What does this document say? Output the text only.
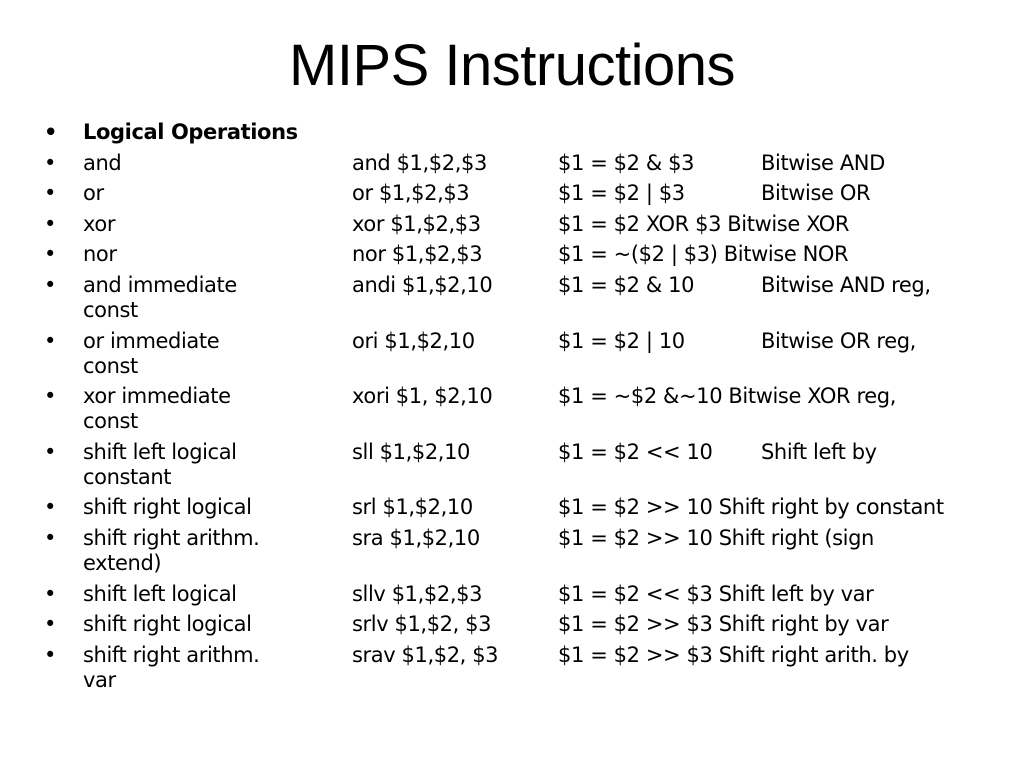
MIPS Instructions
• Logical Operations
• and	and $1,$2,$3	$1 = $2 & $3	Bitwise AND
• or	or $1,$2,$3	$1 = $2 | $3	Bitwise OR
• xor	xor $1,$2,$3	$1 = $2 XOR $3 Bitwise XOR
• nor	nor $1,$2,$3	$1 = ~($2 | $3) Bitwise NOR
• and immediate	andi $1,$2,10	$1 = $2 & 10	Bitwise AND reg,
const
• or immediate	ori $1,$2,10	$1 = $2 | 10	Bitwise OR reg,
const
• xor immediate	xori $1, $2,10	$1 = ~$2 &~10 Bitwise XOR reg,
const
• shift left logical	sll $1,$2,10	$1 = $2 << 10 Shift left by
constant
• shift right logical	srl $1,$2,10	$1 = $2 >> 10 Shift right by constant
• shift right arithm.	sra $1,$2,10	$1 = $2 >> 10 Shift right (sign
extend)
• shift left logical	sllv $1,$2,$3	$1 = $2 << $3 Shift left by var
• shift right logical	srlv $1,$2, $3	$1 = $2 >> $3 Shift right by var
• shift right arithm.	srav $1,$2, $3	$1 = $2 >> $3 Shift right arith. by
var
